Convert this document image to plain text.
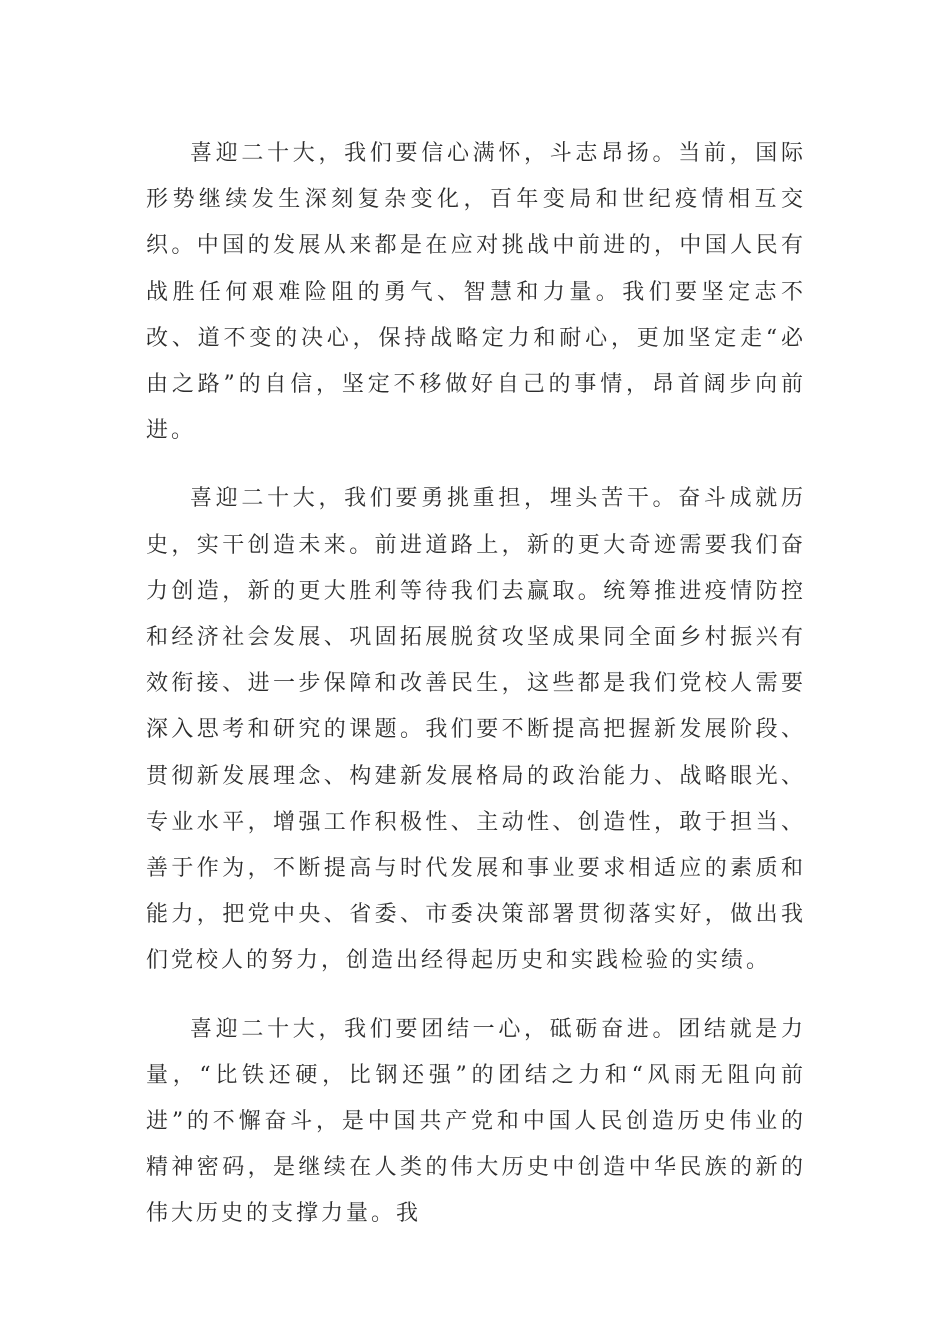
喜迎二十大，我们要信心满怀，斗志昂扬。当前，国际形势继续发生深刻复杂变化，百年变局和世纪疫情相互交织。中国的发展从来都是在应对挑战中前进的，中国人民有战胜任何艰难险阻的勇气、智慧和力量。我们要坚定志不改、道不变的决心，保持战略定力和耐心，更加坚定走“必由之路”的自信，坚定不移做好自己的事情，昂首阔步向前进。

喜迎二十大，我们要勇挑重担，埋头苦干。奋斗成就历史，实干创造未来。前进道路上，新的更大奇迹需要我们奋力创造，新的更大胜利等待我们去赢取。统筹推进疫情防控和经济社会发展、巩固拓展脱贫攻坚成果同全面乡村振兴有效衔接、进一步保障和改善民生，这些都是我们党校人需要深入思考和研究的课题。我们要不断提高把握新发展阶段、贯彻新发展理念、构建新发展格局的政治能力、战略眼光、专业水平，增强工作积极性、主动性、创造性，敢于担当、善于作为，不断提高与时代发展和事业要求相适应的素质和能力，把党中央、省委、市委决策部署贯彻落实好，做出我们党校人的努力，创造出经得起历史和实践检验的实绩。

喜迎二十大，我们要团结一心，砥砺奋进。团结就是力量，“比铁还硬，比钢还强”的团结之力和“风雨无阻向前进”的不懈奋斗，是中国共产党和中国人民创造历史伟业的精神密码，是继续在人类的伟大历史中创造中华民族的新的伟大历史的支撑力量。我
